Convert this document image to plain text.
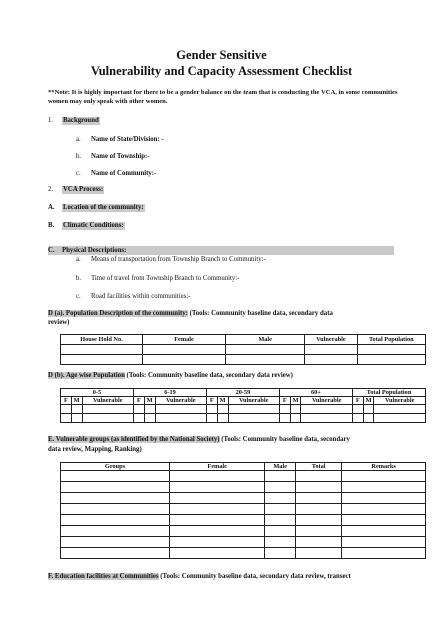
Gender Sensitive
Vulnerability and Capacity Assessment Checklist
**Note: It is highly important for there to be a gender balance on the team that is conducting the VCA, in some communities women may only speak with other women.
1. Background
a. Name of State/Division: -
b. Name of Township:-
c. Name of Community:-
2. VCA Process:
A. Location of the community:
B. Climatic Conditions:
C. Physical Descriptions:
a. Means of transportation from Township Branch to Community:-
b. Time of travel from Township Branch to Community:-
c. Road facilities within communities:-
D (a). Population Description of the community: (Tools: Community baseline data, secondary data
review)
House Hold No.	Female	Male	Vulnerable	Total Population

D (b). Age wise Population (Tools: Community baseline data, secondary data review)
0-5			6-19			20-59			60+			Total Population		
F	M	Vulnerable	F	M	Vulnerable	F	M	Vulnerable	F	M	Vulnerable	F	M	Vulnerable

E. Vulnerable groups (as identified by the National Society) (Tools: Community baseline data, secondary
data review, Mapping, Ranking)
Groups	Female	Male	Total	Remarks

F. Education facilities at Communities (Tools: Community baseline data, secondary data review, transect
